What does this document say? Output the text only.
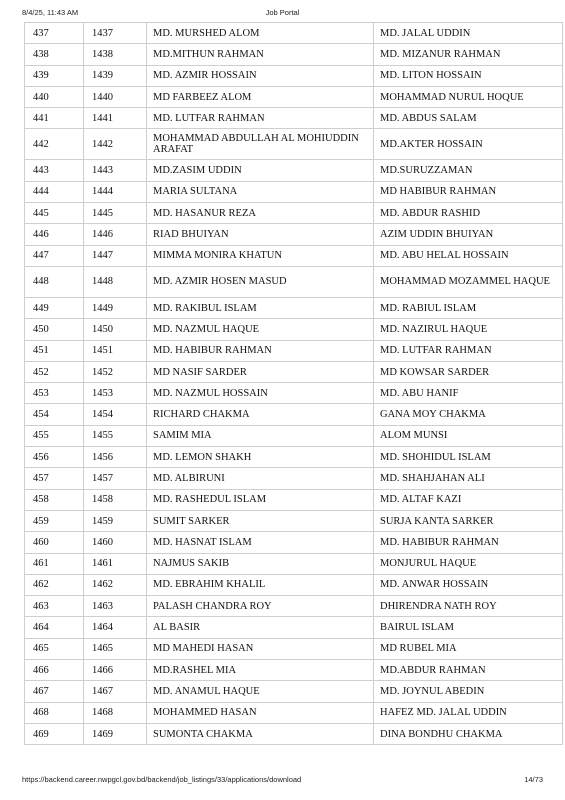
8/4/25, 11:43 AM	Job Portal
437	1437	MD. MURSHED ALOM	MD. JALAL UDDIN
438	1438	MD.MITHUN RAHMAN	MD. MIZANUR RAHMAN
439	1439	MD. AZMIR HOSSAIN	MD. LITON HOSSAIN
440	1440	MD FARBEEZ ALOM	MOHAMMAD NURUL HOQUE
441	1441	MD. LUTFAR RAHMAN	MD. ABDUS SALAM
442	1442	MOHAMMAD ABDULLAH AL MOHIUDDIN ARAFAT	MD.AKTER HOSSAIN
443	1443	MD.ZASIM UDDIN	MD.SURUZZAMAN
444	1444	MARIA SULTANA	MD HABIBUR RAHMAN
445	1445	MD. HASANUR REZA	MD. ABDUR RASHID
446	1446	RIAD BHUIYAN	AZIM UDDIN BHUIYAN
447	1447	MIMMA MONIRA KHATUN	MD. ABU HELAL HOSSAIN
448	1448	MD. AZMIR HOSEN MASUD	MOHAMMAD MOZAMMEL HAQUE
449	1449	MD. RAKIBUL ISLAM	MD. RABIUL ISLAM
450	1450	MD. NAZMUL HAQUE	MD. NAZIRUL HAQUE
451	1451	MD. HABIBUR RAHMAN	MD. LUTFAR RAHMAN
452	1452	MD NASIF SARDER	MD KOWSAR SARDER
453	1453	MD. NAZMUL HOSSAIN	MD. ABU HANIF
454	1454	RICHARD CHAKMA	GANA MOY CHAKMA
455	1455	SAMIM MIA	ALOM MUNSI
456	1456	MD. LEMON SHAKH	MD. SHOHIDUL ISLAM
457	1457	MD. ALBIRUNI	MD. SHAHJAHAN ALI
458	1458	MD. RASHEDUL ISLAM	MD. ALTAF KAZI
459	1459	SUMIT SARKER	SURJA KANTA SARKER
460	1460	MD. HASNAT ISLAM	MD. HABIBUR RAHMAN
461	1461	NAJMUS SAKIB	MONJURUL HAQUE
462	1462	MD. EBRAHIM KHALIL	MD. ANWAR HOSSAIN
463	1463	PALASH CHANDRA ROY	DHIRENDRA NATH ROY
464	1464	AL BASIR	BAIRUL ISLAM
465	1465	MD MAHEDI HASAN	MD RUBEL MIA
466	1466	MD.RASHEL MIA	MD.ABDUR RAHMAN
467	1467	MD. ANAMUL HAQUE	MD. JOYNUL ABEDIN
468	1468	MOHAMMED HASAN	HAFEZ MD. JALAL UDDIN
469	1469	SUMONTA CHAKMA	DINA BONDHU CHAKMA
https://backend.career.nwpgcl.gov.bd/backend/job_listings/33/applications/download	14/73
